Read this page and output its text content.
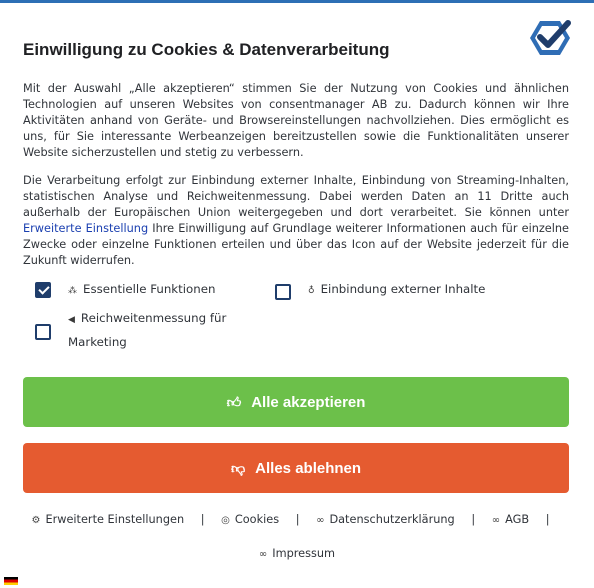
Einwilligung zu Cookies & Datenverarbeitung

Mit der Auswahl „Alle akzeptieren“ stimmen Sie der Nutzung von Cookies und ähnlichen Technologien auf unseren Websites von consentmanager AB zu. Dadurch können wir Ihre Aktivitäten anhand von Geräte- und Browsereinstellungen nachvollziehen. Dies ermöglicht es uns, für Sie interessante Werbeanzeigen bereitzustellen sowie die Funktionalitäten unserer Website sicherzustellen und stetig zu verbessern.

Die Verarbeitung erfolgt zur Einbindung externer Inhalte, Einbindung von Streaming-Inhalten, statistischen Analyse und Reichweitenmessung. Dabei werden Daten an 11 Dritte auch außerhalb der Europäischen Union weitergegeben und dort verarbeitet. Sie können unter Erweiterte Einstellung Ihre Einwilligung auf Grundlage weiterer Informationen auch für einzelne Zwecke oder einzelne Funktionen erteilen und über das Icon auf der Website jederzeit für die Zukunft widerrufen.

⁂ Essentielle Funktionen	♁ Einbindung externer Inhalte
◀ Reichweitenmessung für Marketing
👍︎ Alle akzeptieren
👎︎ Alles ablehnen
⚙ Erweiterte Einstellungen | ◎ Cookies | ∞ Datenschutzerklärung | ∞ AGB |
∞ Impressum
